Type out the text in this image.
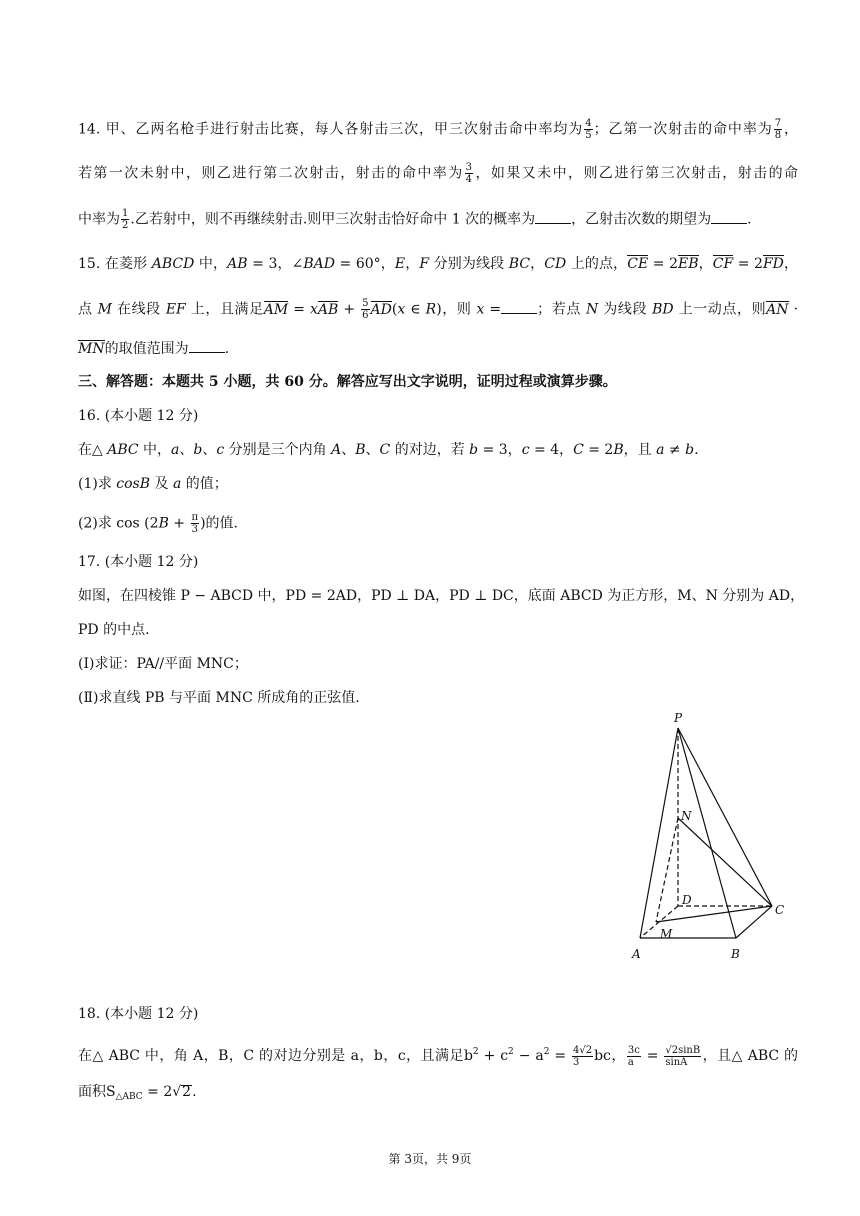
14. 甲、乙两名枪手进行射击比赛，每人各射击三次，甲三次射击命中率均为 $\frac{4}{5}$ ；乙第一次射击的命中率为 $\frac{7}{8}$ ，
若第一次未射中，则乙进行第二次射击，射击的命中率为 $\frac{3}{4}$ ，如果又未中，则乙进行第三次射击，射击的命
中率为 $\frac{1}{2}$ .乙若射中，则不再继续射击.则甲三次射击恰好命中 1 次的概率为	，乙射击次数的期望为	.
15. 在菱形 ABCD 中，AB = 3，∠BAD = 60°，E，F 分别为线段 BC，CD 上的点，CE = 2EB，CF = 2FD，
点 M 在线段 EF 上，且满足AM = xAB + $\frac{5}{6} AD(x$ ∈ R)，则 x =	；若点 N 为线段 BD 上一动点，则AN ·
MN的取值范围为	.
三、解答题：本题共 5 小题，共 60 分。解答应写出文字说明，证明过程或演算步骤。
16. (本小题 12 分)
在△ ABC 中，a、b、c 分别是三个内角 A、B、C 的对边，若 b = 3，c = 4，C = 2B，且 a ≠ b.
(1)求 cosB 及 a 的值；
(2)求 $\cos (2B + \frac{\pi}{3}$ )的值.
17. (本小题 12 分)
如图，在四棱锥 P − ABCD 中，PD = 2AD，PD ⊥ DA，PD ⊥ DC，底面 ABCD 为正方形，M、N 分别为 AD，
PD 的中点.
(Ⅰ)求证：PA//平面 MNC；
(Ⅱ)求直线 PB 与平面 MNC 所成角的正弦值.
P
N
D
C
M
A	B
18. (本小题 12 分)
在△ ABC 中，角 A，B，C 的对边分别是 a，b，c，且满足$b^2 + c^2 - a^2 = \frac{4√2}{3}$ bc， $\frac{3c}{a} = \frac{√2\sin B}{\sin A}$ ，且△ ABC 的
面积$S_{\triangle ABC} = 2√2$.
第 3页，共 9页
